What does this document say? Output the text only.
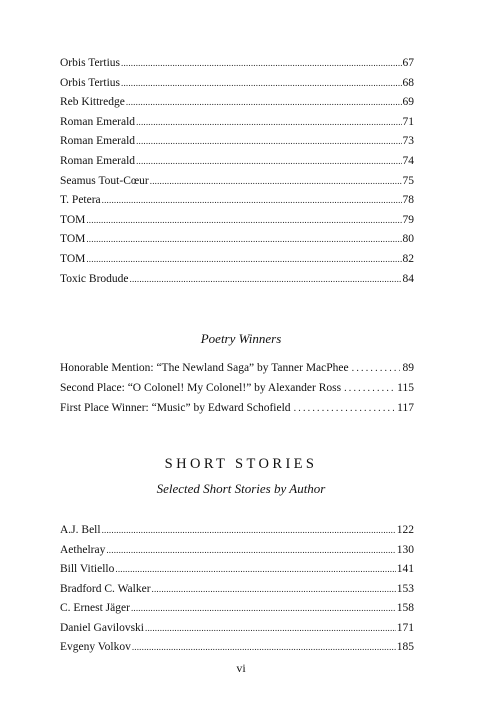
Orbis Tertius .....	67
Orbis Tertius .....	68
Reb Kittredge .....	69
Roman Emerald .....	71
Roman Emerald .....	73
Roman Emerald .....	74
Seamus Tout-Cœur .....	75
T. Petera .....	78
TOM .....	79
TOM .....	80
TOM .....	82
Toxic Brodude .....	84
Poetry Winners
Honorable Mention: “The Newland Saga” by Tanner MacPhee .....	89
Second Place: “O Colonel! My Colonel!” by Alexander Ross .....	115
First Place Winner: “Music” by Edward Schofield .....	117
SHORT STORIES
Selected Short Stories by Author
A.J. Bell .....	122
Aethelray .....	130
Bill Vitiello .....	141
Bradford C. Walker .....	153
C. Ernest Jäger .....	158
Daniel Gavilovski .....	171
Evgeny Volkov .....	185
vi
